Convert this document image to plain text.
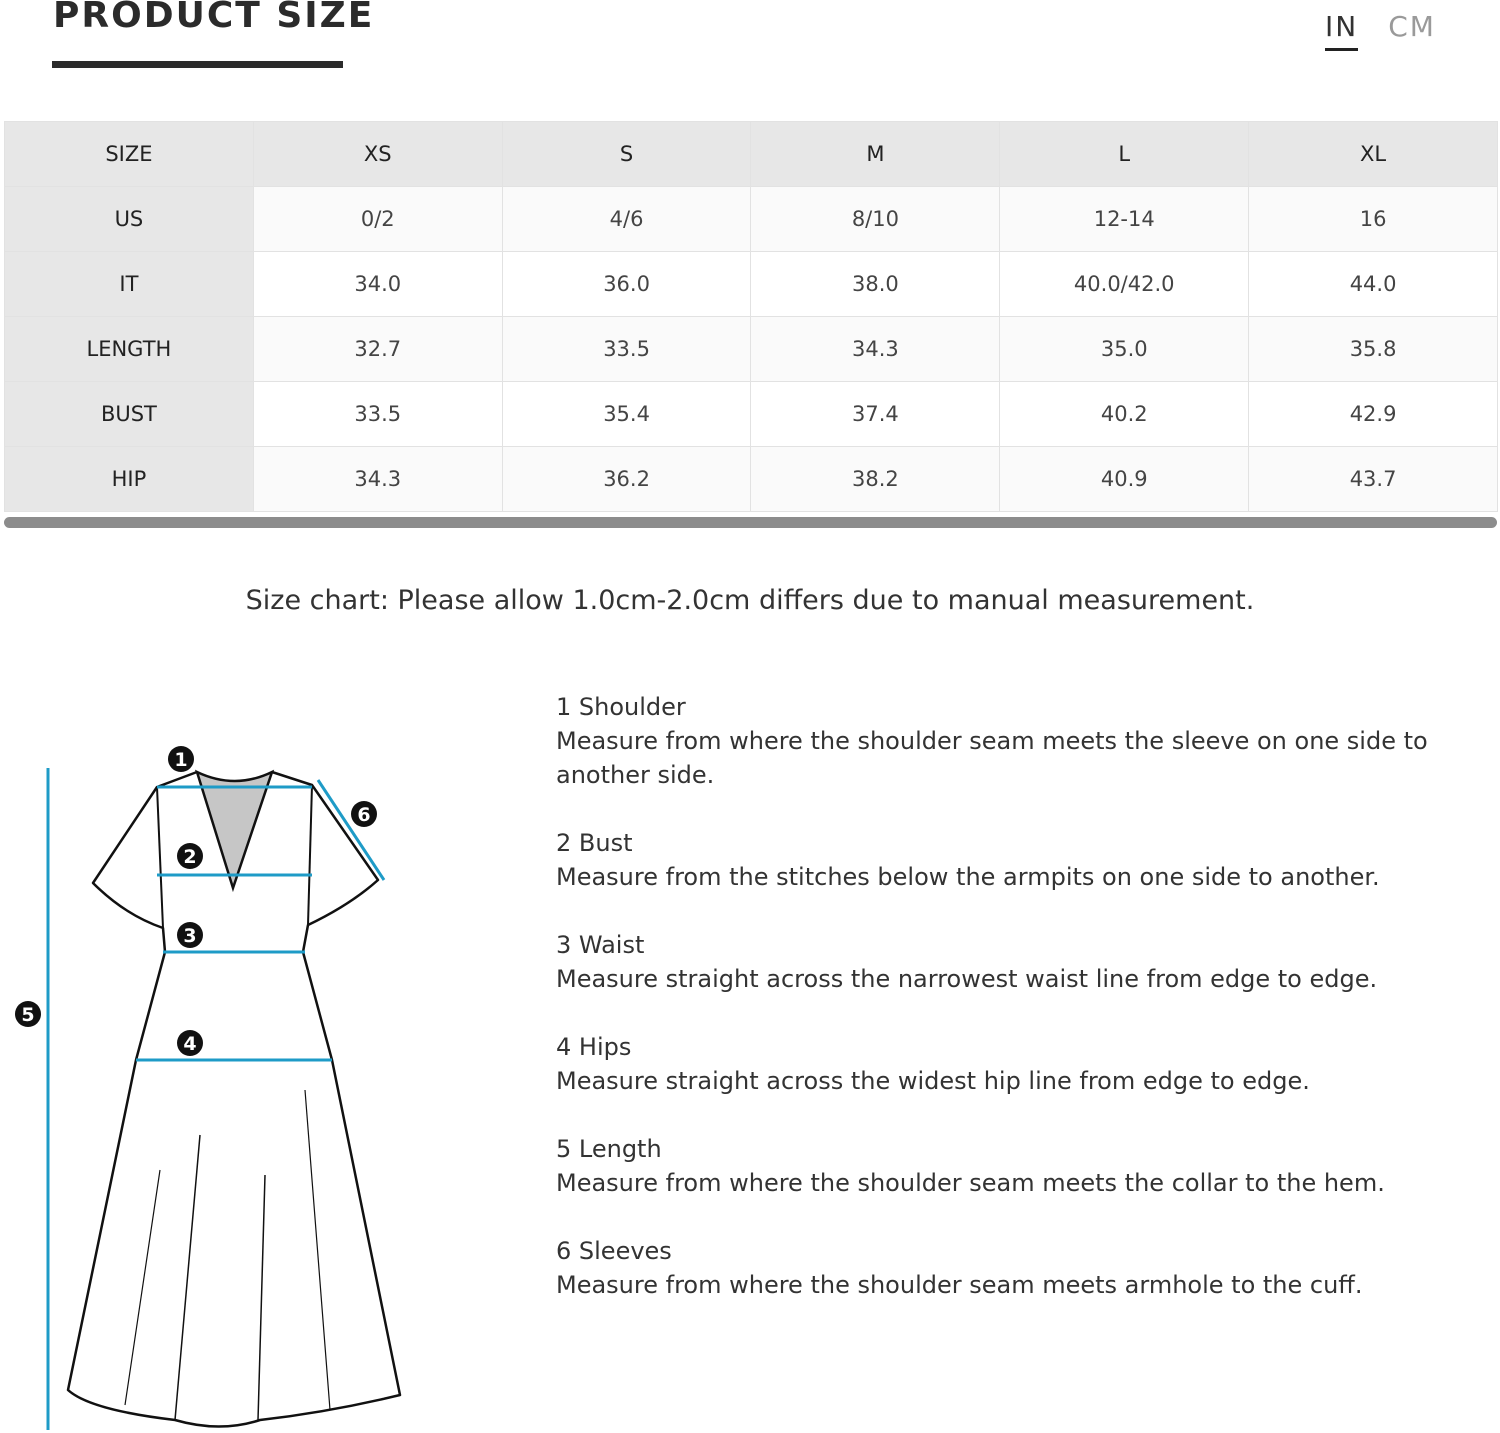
PRODUCT SIZE	IN CM
SIZE	XS	S	M	L	XL
US	0/2	4/6	8/10	12-14	16
IT	34.0	36.0	38.0	40.0/42.0	44.0
LENGTH	32.7	33.5	34.3	35.0	35.8
BUST	33.5	35.4	37.4	40.2	42.9
HIP	34.3	36.2	38.2	40.9	43.7
Size chart: Please allow 1.0cm-2.0cm differs due to manual measurement.
1
2
3
4
5
6
1 Shoulder
Measure from where the shoulder seam meets the sleeve on one side to another side.
2 Bust
Measure from the stitches below the armpits on one side to another.
3 Waist
Measure straight across the narrowest waist line from edge to edge.
4 Hips
Measure straight across the widest hip line from edge to edge.
5 Length
Measure from where the shoulder seam meets the collar to the hem.
6 Sleeves
Measure from where the shoulder seam meets armhole to the cuff.
